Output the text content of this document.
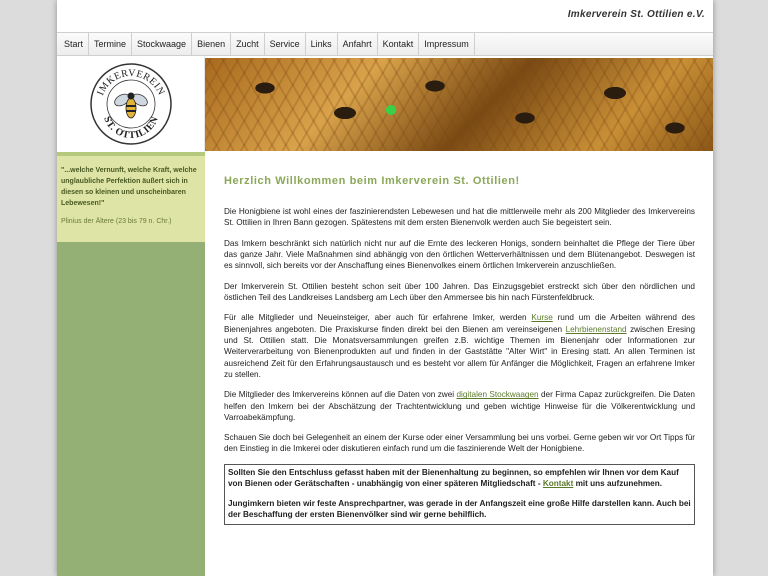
Imkerverein St. Ottilien e.V.
Start	Termine	Stockwaage	Bienen	Zucht	Service	Links	Anfahrt	Kontakt	Impressum
IMKERVEREIN
ST. OTTILIEN
"...welche Vernunft, welche Kraft, welche unglaubliche Perfektion äußert sich in diesen so kleinen und unscheinbaren Lebewesen!"
Plinius der Ältere (23 bis 79 n. Chr.)
Herzlich Willkommen beim Imkerverein St. Ottilien!

Die Honigbiene ist wohl eines der faszinierendsten Lebewesen und hat die mittlerweile mehr als 200 Mitglieder des Imkervereins St. Ottilien in Ihren Bann gezogen. Spätestens mit dem ersten Bienenvolk werden auch Sie begeistert sein.

Das Imkern beschränkt sich natürlich nicht nur auf die Ernte des leckeren Honigs, sondern beinhaltet die Pflege der Tiere über das ganze Jahr. Viele Maßnahmen sind abhängig von den örtlichen Wetterverhältnissen und dem Blütenangebot. Deswegen ist es sinnvoll, sich bereits vor der Anschaffung eines Bienenvolkes einem örtlichen Imkerverein anzuschließen.

Der Imkerverein St. Ottilien besteht schon seit über 100 Jahren. Das Einzugsgebiet erstreckt sich über den nördlichen und östlichen Teil des Landkreises Landsberg am Lech über den Ammersee bis hin nach Fürstenfeldbruck.

Für alle Mitglieder und Neueinsteiger, aber auch für erfahrene Imker, werden Kurse rund um die Arbeiten während des Bienenjahres angeboten. Die Praxiskurse finden direkt bei den Bienen am vereinseigenen Lehrbienenstand zwischen Eresing und St. Ottilien statt. Die Monatsversammlungen greifen z.B. wichtige Themen im Bienenjahr oder Informationen zur Weiterverarbeitung von Bienenprodukten auf und finden in der Gaststätte "Alter Wirt" in Eresing statt. An allen Terminen ist ausreichend Zeit für den Erfahrungsaustausch und es besteht vor allem für Anfänger die Möglichkeit, Fragen an erfahrene Imker zu stellen.

Die Mitglieder des Imkervereins können auf die Daten von zwei digitalen Stockwaagen der Firma Capaz zurückgreifen. Die Daten helfen den Imkern bei der Abschätzung der Trachtentwicklung und geben wichtige Hinweise für die Völkerentwicklung und Varroabekämpfung.

Schauen Sie doch bei Gelegenheit an einem der Kurse oder einer Versammlung bei uns vorbei. Gerne geben wir vor Ort Tipps für den Einstieg in die Imkerei oder diskutieren einfach rund um die faszinierende Welt der Honigbiene.

Sollten Sie den Entschluss gefasst haben mit der Bienenhaltung zu beginnen, so empfehlen wir Ihnen vor dem Kauf von Bienen oder Gerätschaften - unabhängig von einer späteren Mitgliedschaft - Kontakt mit uns aufzunehmen.

Jungimkern bieten wir feste Ansprechpartner, was gerade in der Anfangszeit eine große Hilfe darstellen kann. Auch bei der Beschaffung der ersten Bienenvölker sind wir gerne behilflich.
